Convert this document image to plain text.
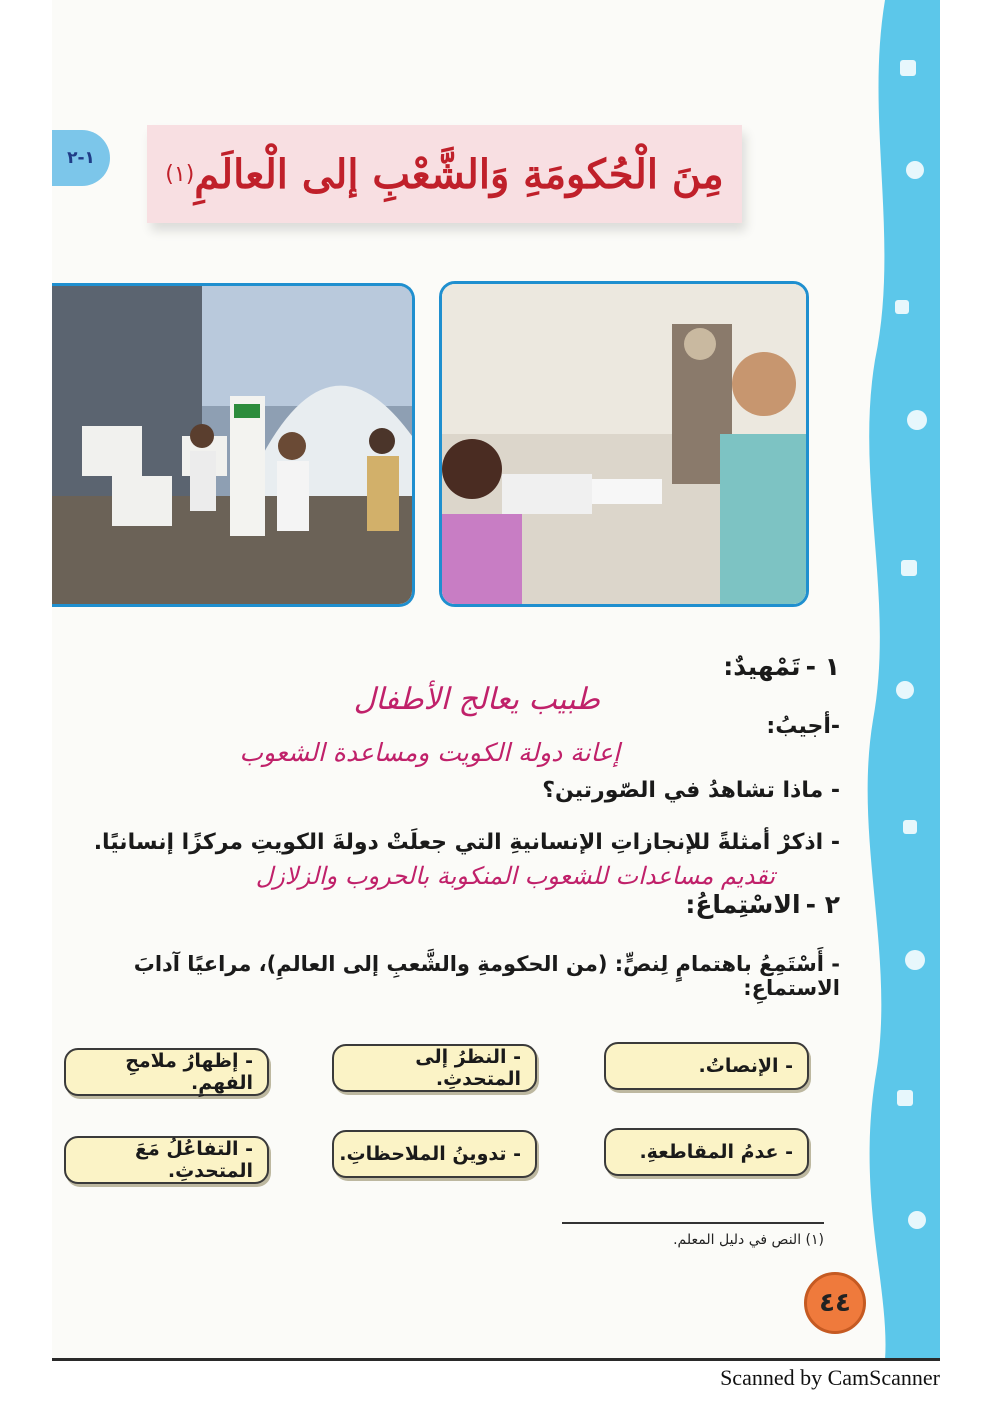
١-٢	مِنَ الْحُكومَةِ وَالشَّعْبِ إلى الْعالَمِ
(١)
١ - تَمْهيدٌ:
-أجيبُ:
- ماذا تشاهدُ في الصّورتين؟
- اذكرْ أمثلةً للإنجازاتِ الإنسانيةِ التي جعلَتْ دولةَ الكويتِ مركزًا إنسانيًا.
طبيب يعالج الأطفال
إعانة دولة الكويت ومساعدة الشعوب
تقديم مساعدات للشعوب المنكوبة بالحروب والزلازل
٢ - الاسْتِماعُ:
- أَسْتَمِعُ باهتمامٍ لِنصٍّ: (من الحكومةِ والشَّعبِ إلى العالمِ)، مراعيًا آدابَ الاستماعِ:
- الإنصاتُ.
- النظرُ إلى المتحدثِ.
- إظهارُ ملامحِ الفهمِ.
- عدمُ المقاطعةِ.
- تدوينُ الملاحظاتِ.
- التفاعُلُ مَعَ المتحدثِ.
(١) النص في دليل المعلم.
٤٤
Scanned by CamScanner
